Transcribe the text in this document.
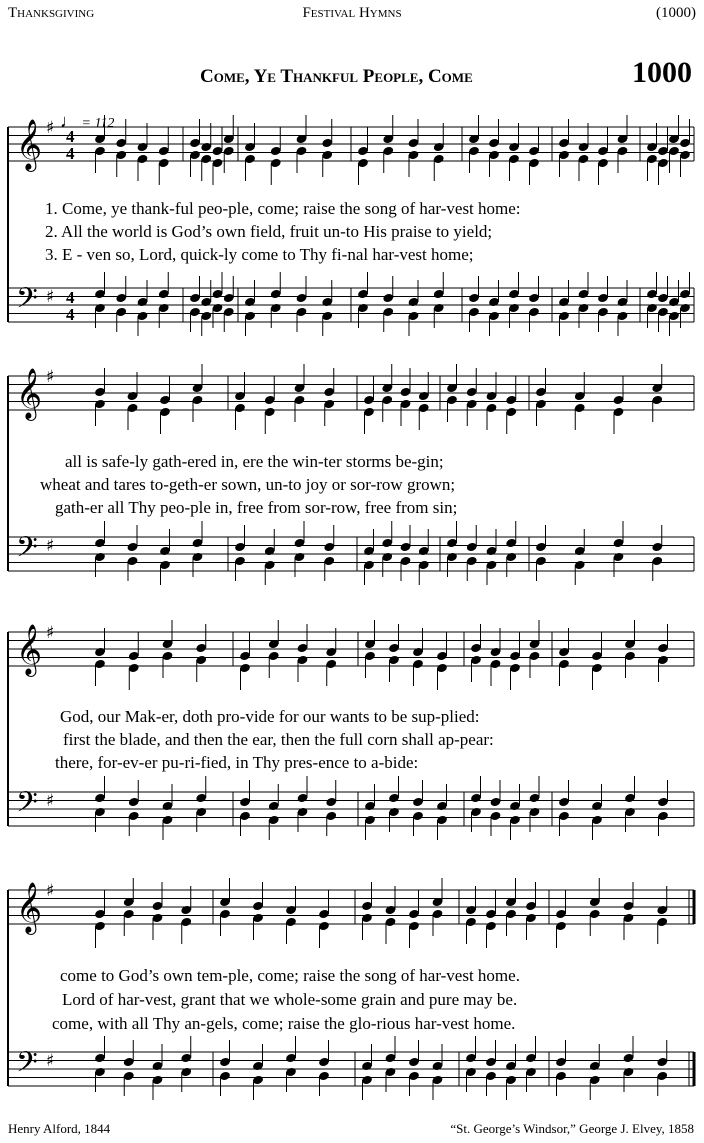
Thanksgiving	Festival Hymns	(1000)
Come, Ye Thankful People, Come	1000
♩ = 112
𝄞
𝄢
♯
♯
4
4
4
4
𝄞
𝄢
♯
♯
𝄞
𝄢
♯
♯
𝄞
𝄢
♯
♯
1. Come, ye thank-ful peo-ple, come; raise the song of har-vest home:
2. All the world is God’s own field, fruit un-to His praise to yield;
3. E - ven so, Lord, quick-ly come to Thy fi-nal har-vest home;
all is safe-ly gath-ered in, ere the win-ter storms be-gin;
wheat and tares to-geth-er sown, un-to joy or sor-row grown;
gath-er all Thy peo-ple in, free from sor-row, free from sin;
God, our Mak-er, doth pro-vide for our wants to be sup-plied:
first the blade, and then the ear, then the full corn shall ap-pear:
there, for-ev-er pu-ri-fied, in Thy pres-ence to a-bide:
come to God’s own tem-ple, come; raise the song of har-vest home.
Lord of har-vest, grant that we whole-some grain and pure may be.
come, with all Thy an-gels, come; raise the glo-rious har-vest home.
Henry Alford, 1844	“St. George’s Windsor,” George J. Elvey, 1858
